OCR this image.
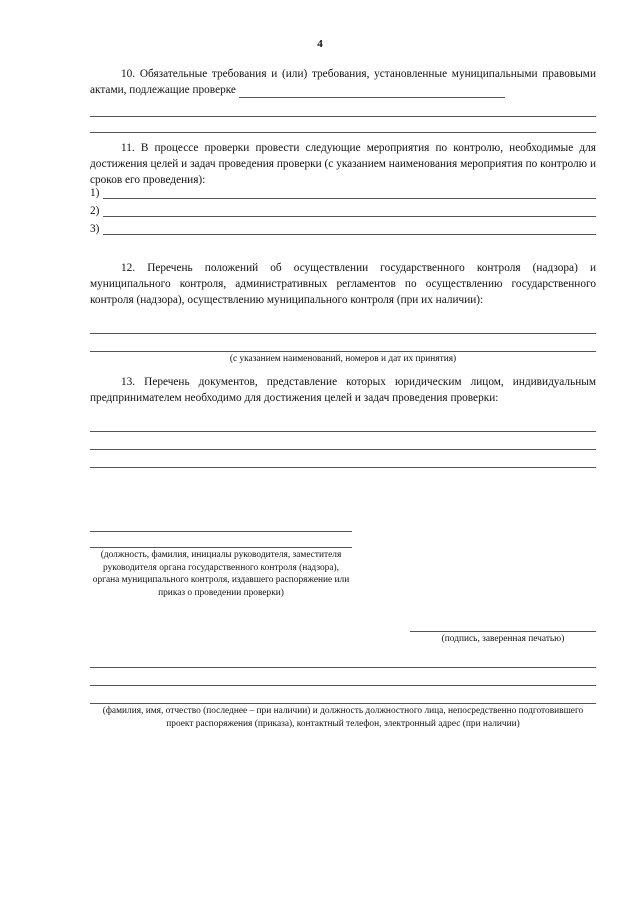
4
10. Обязательные требования и (или) требования, установленные муниципальными правовыми актами, подлежащие проверке
11. В процессе проверки провести следующие мероприятия по контролю, необходимые для достижения целей и задач проведения проверки (с указанием наименования мероприятия по контролю и сроков его проведения):
1)
2)
3)
12. Перечень положений об осуществлении государственного контроля (надзора) и муниципального контроля, административных регламентов по осуществлению государственного контроля (надзора), осуществлению муниципального контроля (при их наличии):
(с указанием наименований, номеров и дат их принятия)
13. Перечень документов, представление которых юридическим лицом, индивидуальным предпринимателем необходимо для достижения целей и задач проведения проверки:
(должность, фамилия, инициалы руководителя, заместителя руководителя органа государственного контроля (надзора), органа муниципального контроля, издавшего распоряжение или приказ о проведении проверки)
(подпись, заверенная печатью)
(фамилия, имя, отчество (последнее – при наличии) и должность должностного лица, непосредственно подготовившего проект распоряжения (приказа), контактный телефон, электронный адрес (при наличии)
